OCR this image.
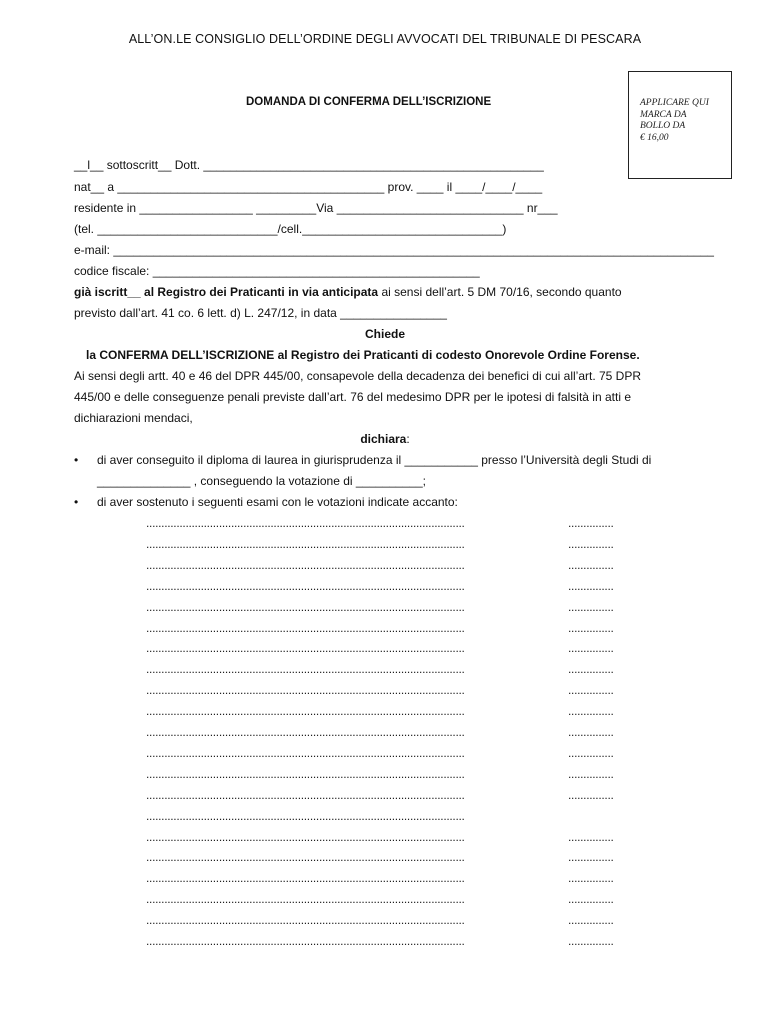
ALL’ON.LE CONSIGLIO DELL’ORDINE DEGLI AVVOCATI DEL TRIBUNALE DI PESCARA
DOMANDA DI CONFERMA DELL’ISCRIZIONE	APPLICARE QUI
MARCA DA
BOLLO DA
€ 16,00
__l__ sottoscritt__ Dott. ___________________________________________________
nat__ a ________________________________________ prov. ____ il ____/____/____
residente in _________________ _________Via ____________________________ nr___
(tel. ___________________________/cell.______________________________)
e-mail: __________________________________________________________________________________________
codice fiscale: _________________________________________________
già iscritt__ al Registro dei Praticanti in via anticipata ai sensi dell’art. 5 DM 70/16, secondo quanto
previsto dall’art. 41 co. 6 lett. d) L. 247/12, in data ________________
Chiede
la CONFERMA DELL’ISCRIZIONE al Registro dei Praticanti di codesto Onorevole Ordine Forense.
Ai sensi degli artt. 40 e 46 del DPR 445/00, consapevole della decadenza dei benefici di cui all’art. 75 DPR
445/00 e delle conseguenze penali previste dall’art. 76 del medesimo DPR per le ipotesi di falsità in atti e
dichiarazioni mendaci,
dichiara:
• di aver conseguito il diploma di laurea in giurisprudenza il ___________ presso l’Università degli Studi di
______________ , conseguendo la votazione di __________;
• di aver sostenuto i seguenti esami con le votazioni indicate accanto:
.........................................................................................................	...............
.........................................................................................................	...............
.........................................................................................................	...............
.........................................................................................................	...............
.........................................................................................................	...............
.........................................................................................................	...............
.........................................................................................................	...............
.........................................................................................................	...............
.........................................................................................................	...............
.........................................................................................................	...............
.........................................................................................................	...............
.........................................................................................................	...............
.........................................................................................................	...............
.........................................................................................................	...............
.........................................................................................................
.........................................................................................................	...............
.........................................................................................................	...............
.........................................................................................................	...............
.........................................................................................................	...............
.........................................................................................................	...............
.........................................................................................................	...............
